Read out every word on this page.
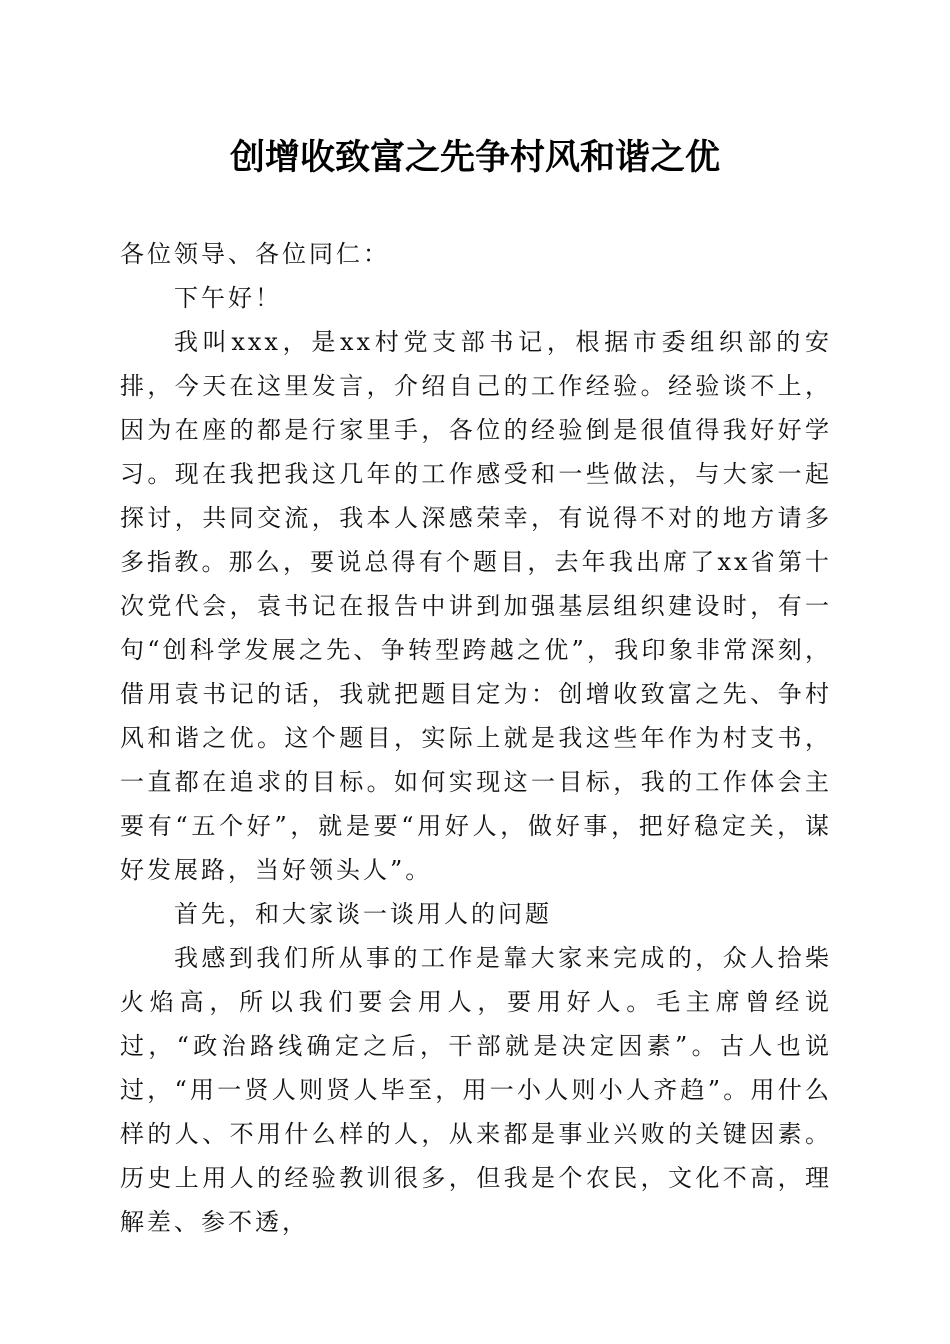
创增收致富之先争村风和谐之优

各位领导、各位同仁：

下午好！

我叫xxx，是xx村党支部书记，根据市委组织部的安排，今天在这里发言，介绍自己的工作经验。经验谈不上，因为在座的都是行家里手，各位的经验倒是很值得我好好学习。现在我把我这几年的工作感受和一些做法，与大家一起探讨，共同交流，我本人深感荣幸，有说得不对的地方请多多指教。那么，要说总得有个题目，去年我出席了xx省第十次党代会，袁书记在报告中讲到加强基层组织建设时，有一句“创科学发展之先、争转型跨越之优”，我印象非常深刻，借用袁书记的话，我就把题目定为：创增收致富之先、争村风和谐之优。这个题目，实际上就是我这些年作为村支书，一直都在追求的目标。如何实现这一目标，我的工作体会主要有“五个好”，就是要“用好人，做好事，把好稳定关，谋好发展路，当好领头人”。

首先，和大家谈一谈用人的问题

我感到我们所从事的工作是靠大家来完成的，众人拾柴火焰高，所以我们要会用人，要用好人。毛主席曾经说过，“政治路线确定之后，干部就是决定因素”。古人也说过，“用一贤人则贤人毕至，用一小人则小人齐趋”。用什么样的人、不用什么样的人，从来都是事业兴败的关键因素。历史上用人的经验教训很多，但我是个农民，文化不高，理解差、参不透，
